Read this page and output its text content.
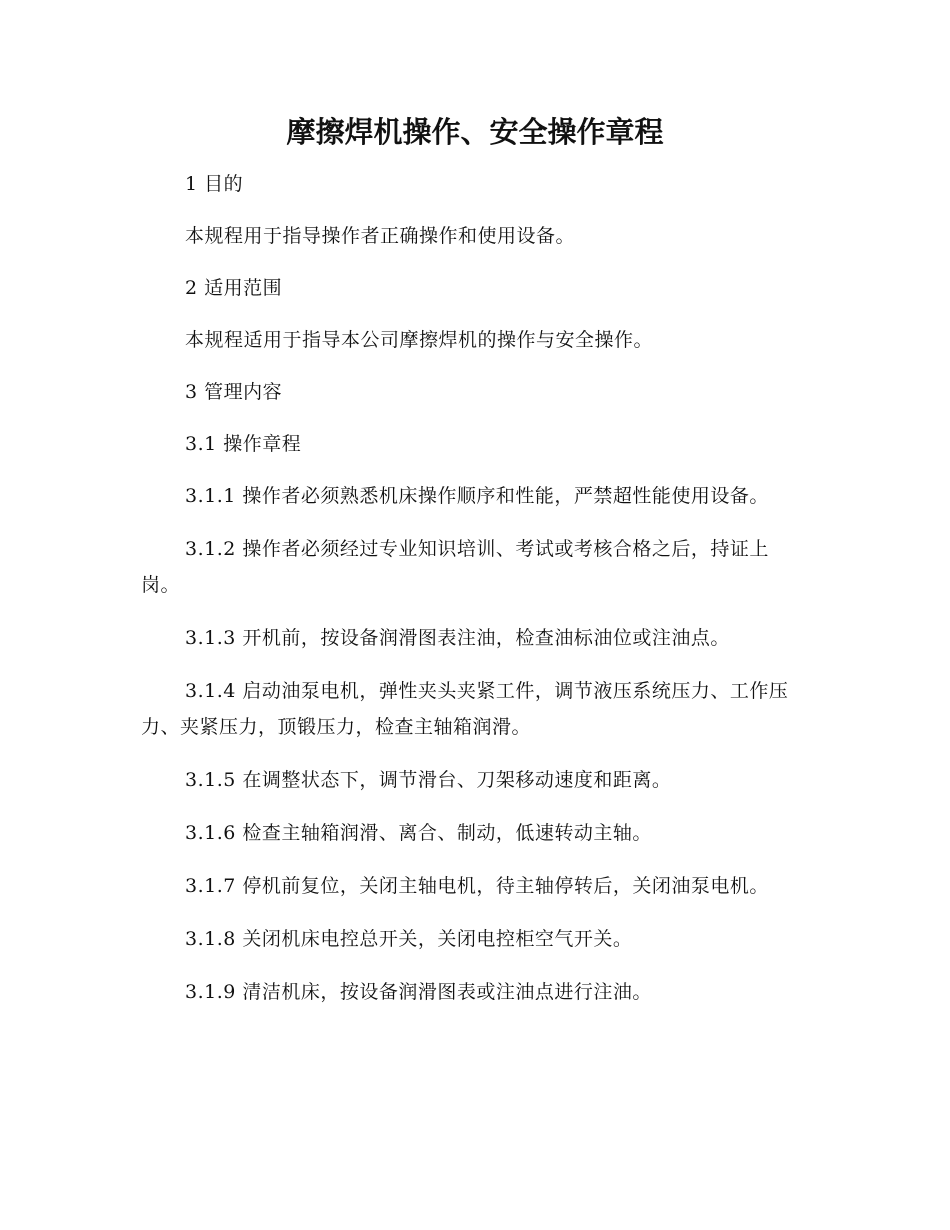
摩擦焊机操作、安全操作章程

1 目的

本规程用于指导操作者正确操作和使用设备。

2 适用范围

本规程适用于指导本公司摩擦焊机的操作与安全操作。

3 管理内容

3.1 操作章程

3.1.1 操作者必须熟悉机床操作顺序和性能，严禁超性能使用设备。

3.1.2 操作者必须经过专业知识培训、考试或考核合格之后，持证上岗。

3.1.3 开机前，按设备润滑图表注油，检查油标油位或注油点。

3.1.4 启动油泵电机，弹性夹头夹紧工件，调节液压系统压力、工作压力、夹紧压力，顶锻压力，检查主轴箱润滑。

3.1.5 在调整状态下，调节滑台、刀架移动速度和距离。

3.1.6 检查主轴箱润滑、离合、制动，低速转动主轴。

3.1.7 停机前复位，关闭主轴电机，待主轴停转后，关闭油泵电机。

3.1.8 关闭机床电控总开关，关闭电控柜空气开关。

3.1.9 清洁机床，按设备润滑图表或注油点进行注油。
